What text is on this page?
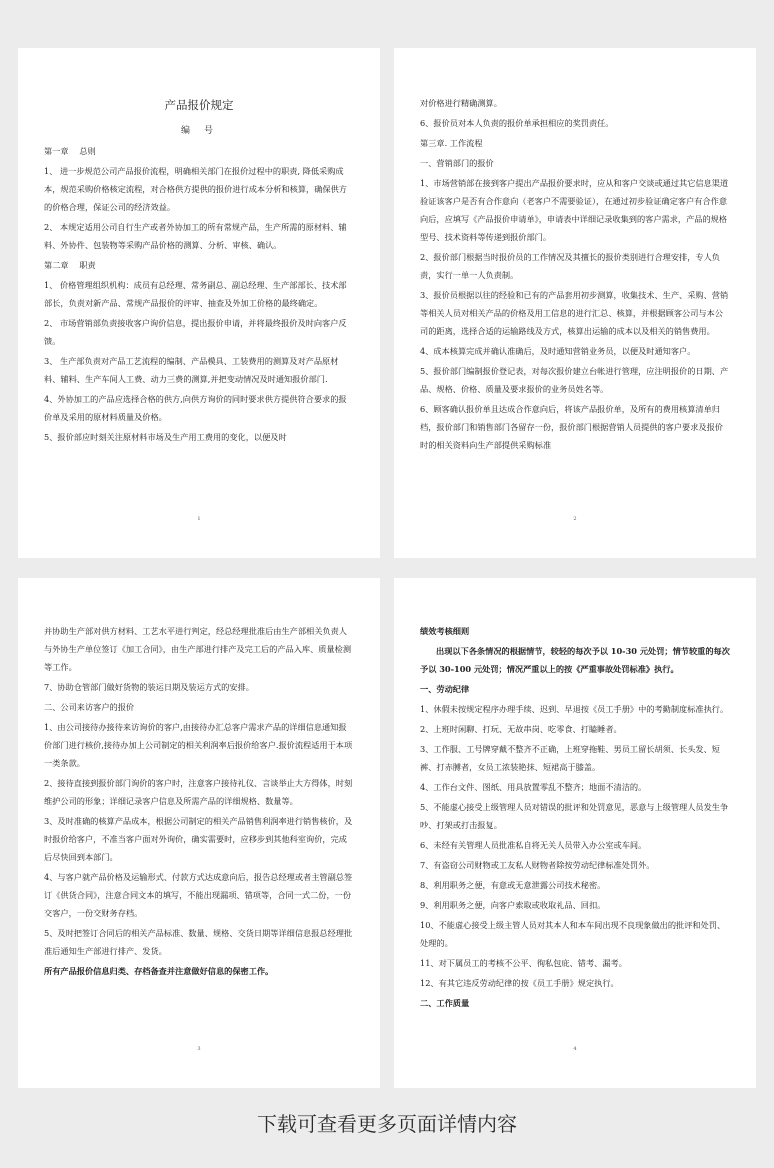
产品报价规定
编号

第一章　 总则

1、 进一步规范公司产品报价流程，明确相关部门在报价过程中的职责, 降低采购成本，规范采购价格核定流程，对合格供方提供的报价进行成本分析和核算，确保供方的价格合理，保证公司的经济效益。

2、 本规定适用公司自行生产或者外协加工的所有常规产品，生产所需的原材料、辅料、外协件、包装物等采购产品价格的测算、分析、审核、确认。

第二章　 职责

1、 价格管理组织机构：成员有总经理、常务副总、副总经理、生产部部长、技术部部长，负责对新产品、常规产品报价的评审、抽查及外加工价格的最终确定。

2、 市场营销部负责接收客户询价信息，提出报价申请，并将最终报价及时向客户反馈。

3、 生产部负责对产品工艺流程的编制、产品模具、工装费用的测算及对产品原材料、辅料、生产车间人工费、动力三费的测算,并把变动情况及时通知报价部门.

4、外协加工的产品应选择合格的供方,向供方询价的同时要求供方提供符合要求的报价单及采用的原材料质量及价格。

5、报价部应时刻关注原材料市场及生产用工费用的变化，以便及时

1

对价格进行精确测算。

6、报价员对本人负责的报价单承担相应的奖罚责任。

第三章. 工作流程

一、营销部门的报价

1、市场营销部在接到客户提出产品报价要求时，应从和客户交谈或通过其它信息渠道验证该客户是否有合作意向（老客户不需要验证），在通过初步验证确定客户有合作意向后，应填写《产品报价申请单》，申请表中详细记录收集到的客户需求，产品的规格型号、技术资料等传递到报价部门。

2、报价部门根据当时报价员的工作情况及其擅长的报价类别进行合理安排，专人负责，实行一单一人负责制。

3、报价员根据以往的经验和已有的产品套用初步测算，收集技术、生产、采购、营销等相关人员对相关产品的价格及用工信息的进行汇总、核算，并根据顾客公司与本公司的距离，选择合适的运输路线及方式，核算出运输的成本以及相关的销售费用。

4、成本核算完成并确认准确后，及时通知营销业务员，以便及时通知客户。

5、报价部门编制报价登记表，对每次报价建立台帐进行管理，应注明报价的日期、产品、规格、价格、质量及要求报价的业务员姓名等。

6、顾客确认报价单且达成合作意向后，将该产品报价单，及所有的费用核算清单归档，报价部门和销售部门各留存一份，报价部门根据营销人员提供的客户要求及报价时的相关资料向生产部提供采购标准

2

并协助生产部对供方材料、工艺水平进行判定，经总经理批准后由生产部相关负责人与外协生产单位签订《加工合同》，由生产部进行排产及完工后的产品入库、质量检测等工作。

7、协助仓管部门做好货物的装运日期及装运方式的安排。

二、公司来访客户的报价

1、由公司接待办接待来访询价的客户,由接待办汇总客户需求产品的详细信息通知报价部门进行核价,接待办加上公司制定的相关利润率后报价给客户.报价流程适用于本项一类条款。

2、接待直接到报价部门询价的客户时，注意客户接待礼仪、言谈举止大方得体，时刻维护公司的形象；详细记录客户信息及所需产品的详细规格、数量等。

3、及时准确的核算产品成本，根据公司制定的相关产品销售利润率进行销售核价，及时报价给客户，不准当客户面对外询价，确实需要时，应移步到其他科室询价，完成后尽快回到本部门。

4、与客户就产品价格及运输形式、付款方式达成意向后，报告总经理或者主管副总签订《供货合同》，注意合同文本的填写，不能出现漏项、错项等，合同一式二份，一份交客户，一份交财务存档。

5、及时把签订合同后的相关产品标准、数量、规格、交货日期等详细信息报总经理批准后通知生产部进行排产、发货。

所有产品报价信息归类、存档备查并注意做好信息的保密工作。

3

绩效考核细则

出现以下各条情况的根据情节，较轻的每次予以 10-30 元处罚；情节较重的每次予以 30-100 元处罚；情况严重以上的按《严重事故处罚标准》执行。

一、劳动纪律

1、休假未按规定程序办理手续、迟到、早退按《员工手册》中的考勤制度标准执行。

2、上班时闲聊、打玩、无故串岗、吃零食、打瞌睡者。

3、工作服、工号牌穿戴不整齐不正确，上班穿拖鞋、男员工留长胡须、长头发、短裤、打赤膊者，女员工浓装艳抹、短裙高于膝盖。

4、工作台文件、图纸、用具放置零乱不整齐；地面不清洁的。

5、不能虚心接受上级管理人员对错误的批评和处罚意见，恶意与上级管理人员发生争吵、打架或打击报复。

6、未经有关管理人员批准私自将无关人员带入办公室或车间。

7、有盗窃公司财物或工友私人财物者除按劳动纪律标准处罚外。

8、利用职务之便，有意或无意泄露公司技术秘密。

9、利用职务之便，向客户索取或收取礼品、回扣。

10、不能虚心接受上级主管人员对其本人和本车间出现不良现象做出的批评和处罚、处理的。

11、对下属员工的考核不公平、徇私包庇、错考、漏考。

12、有其它违反劳动纪律的按《员工手册》规定执行。

二、工作质量

4
下载可查看更多页面详情内容
